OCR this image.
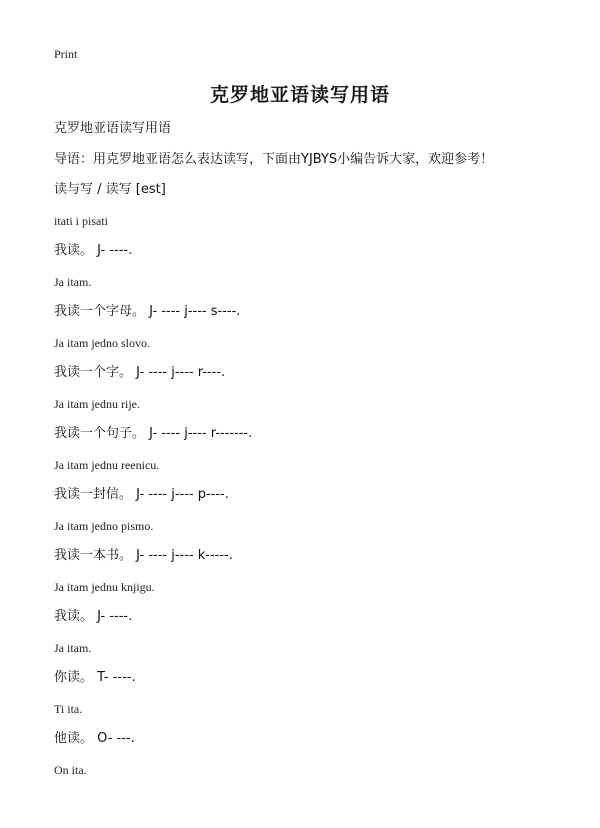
Print
克罗地亚语读写用语
克罗地亚语读写用语
导语：用克罗地亚语怎么表达读写，下面由YJBYS小编告诉大家，欢迎参考！
读与写 / 读写 [est]
itati i pisati
我读。 J- ----.
Ja itam.
我读一个字母。 J- ---- j---- s----.
Ja itam jedno slovo.
我读一个字。 J- ---- j---- r----.
Ja itam jednu rije.
我读一个句子。 J- ---- j---- r-------.
Ja itam jednu reenicu.
我读一封信。 J- ---- j---- p----.
Ja itam jedno pismo.
我读一本书。 J- ---- j---- k-----.
Ja itam jednu knjigu.
我读。 J- ----.
Ja itam.
你读。 T- ----.
Ti ita.
他读。 O- ---.
On ita.
